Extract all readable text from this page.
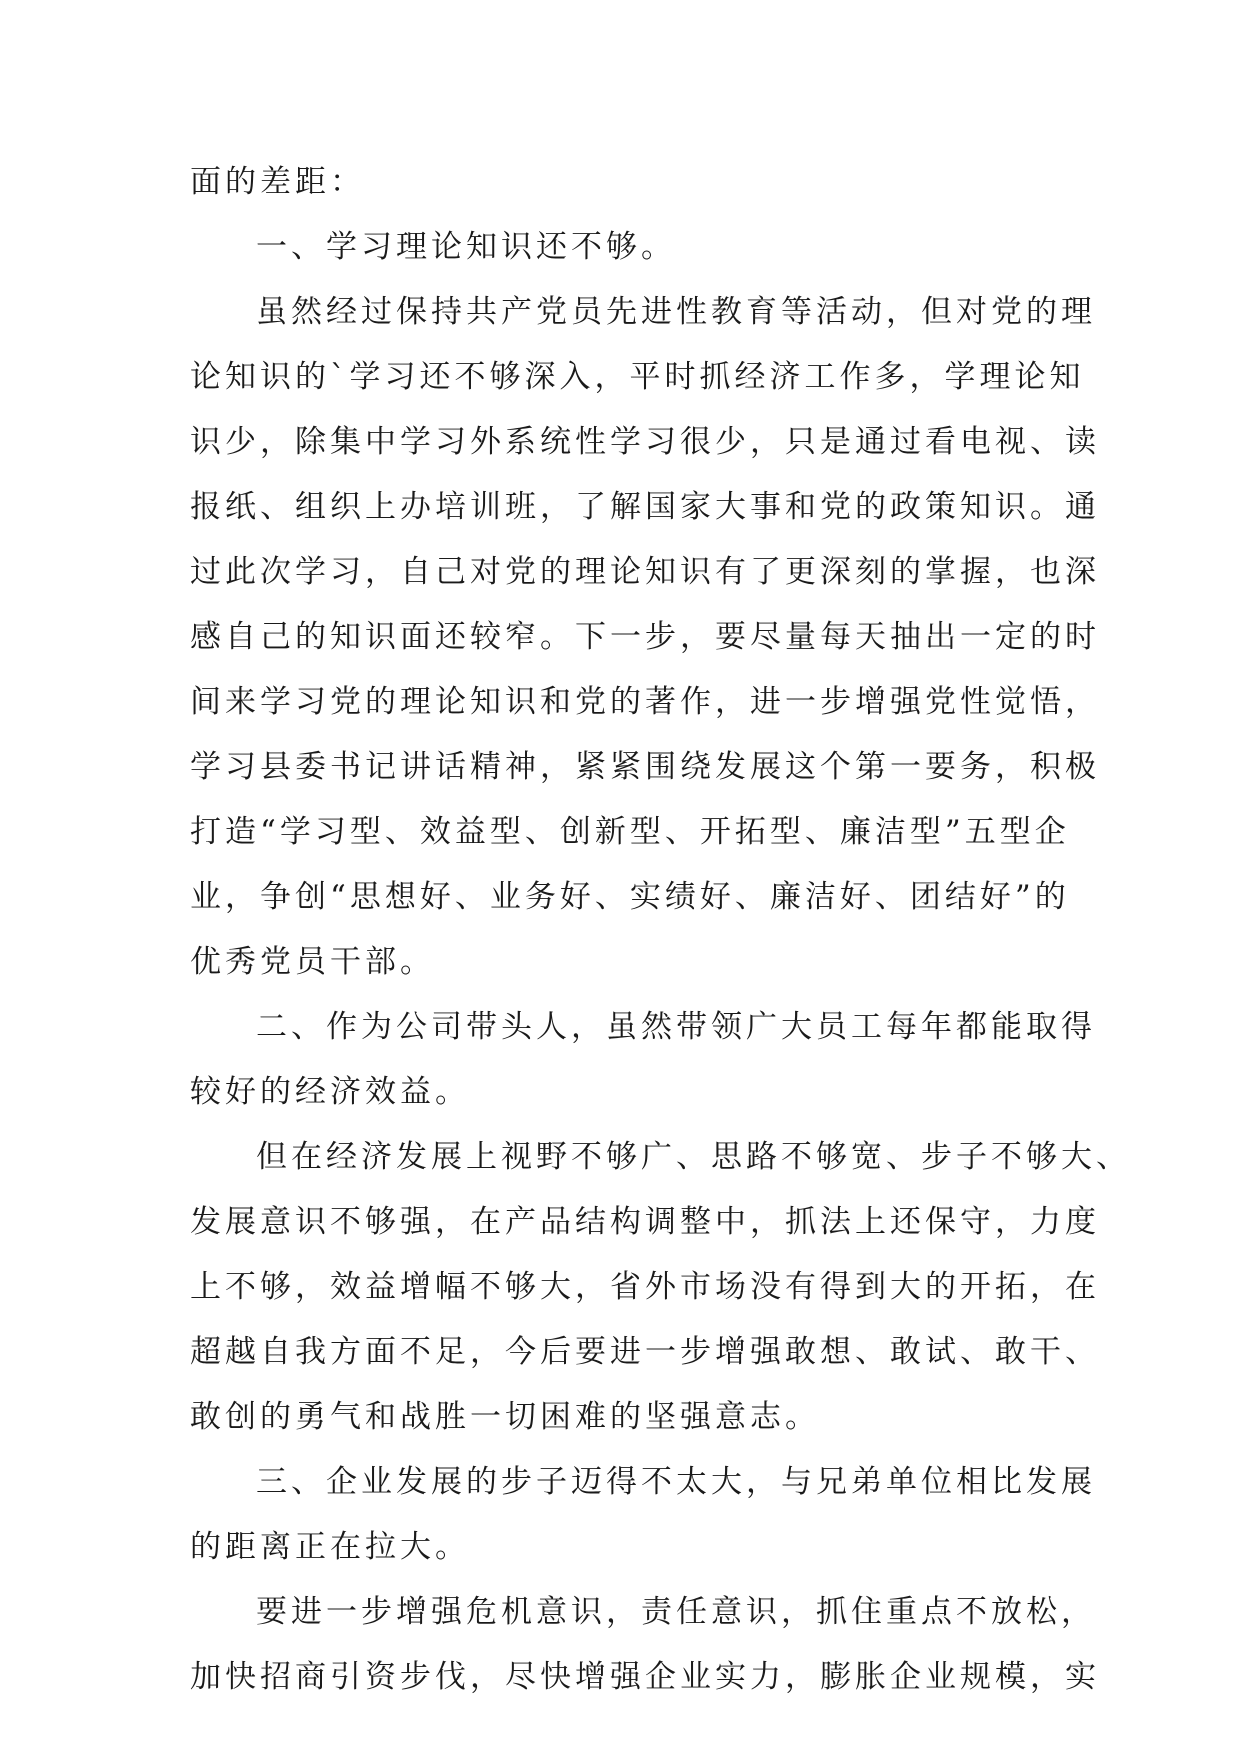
面的差距：
一、学习理论知识还不够。
虽然经过保持共产党员先进性教育等活动，但对党的理
论知识的`学习还不够深入，平时抓经济工作多，学理论知
识少，除集中学习外系统性学习很少，只是通过看电视、读
报纸、组织上办培训班，了解国家大事和党的政策知识。通
过此次学习，自己对党的理论知识有了更深刻的掌握，也深
感自己的知识面还较窄。下一步，要尽量每天抽出一定的时
间来学习党的理论知识和党的著作，进一步增强党性觉悟，
学习县委书记讲话精神，紧紧围绕发展这个第一要务，积极
打造“学习型、效益型、创新型、开拓型、廉洁型”五型企
业，争创“思想好、业务好、实绩好、廉洁好、团结好”的
优秀党员干部。
二、作为公司带头人，虽然带领广大员工每年都能取得
较好的经济效益。
但在经济发展上视野不够广、思路不够宽、步子不够大、
发展意识不够强，在产品结构调整中，抓法上还保守，力度
上不够，效益增幅不够大，省外市场没有得到大的开拓，在
超越自我方面不足，今后要进一步增强敢想、敢试、敢干、
敢创的勇气和战胜一切困难的坚强意志。
三、企业发展的步子迈得不太大，与兄弟单位相比发展
的距离正在拉大。
要进一步增强危机意识，责任意识，抓住重点不放松，
加快招商引资步伐，尽快增强企业实力，膨胀企业规模，实
